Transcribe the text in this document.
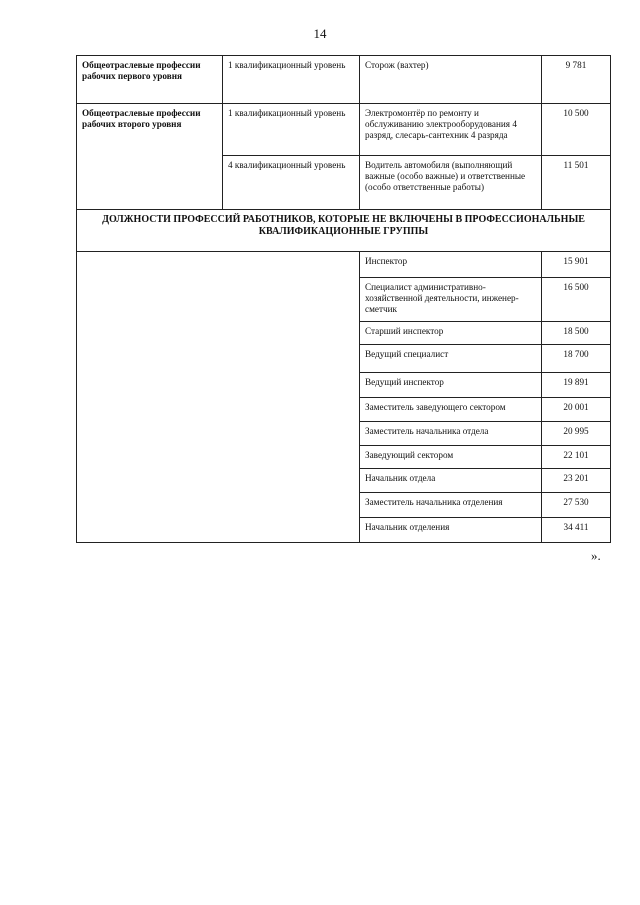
14
Общеотраслевые профессии рабочих первого уровня	1 квалификационный уровень	Сторож (вахтер)	9 781
Общеотраслевые профессии рабочих второго уровня	1 квалификационный уровень	Электромонтёр по ремонту и обслуживанию электрооборудования 4 разряд, слесарь-сантехник 4 разряда	10 500
	4 квалификационный уровень	Водитель автомобиля (выполняющий важные (особо важные) и ответственные (особо ответственные работы)	11 501
ДОЛЖНОСТИ ПРОФЕССИЙ РАБОТНИКОВ, КОТОРЫЕ НЕ ВКЛЮЧЕНЫ В ПРОФЕССИОНАЛЬНЫЕ КВАЛИФИКАЦИОННЫЕ ГРУППЫ			
		Инспектор	15 901
		Специалист административно-хозяйственной деятельности, инженер-сметчик	16 500
		Старший инспектор	18 500
		Ведущий специалист	18 700
		Ведущий инспектор	19 891
		Заместитель заведующего сектором	20 001
		Заместитель начальника отдела	20 995
		Заведующий сектором	22 101
		Начальник отдела	23 201
		Заместитель начальника отделения	27 530
		Начальник отделения	34 411
».
